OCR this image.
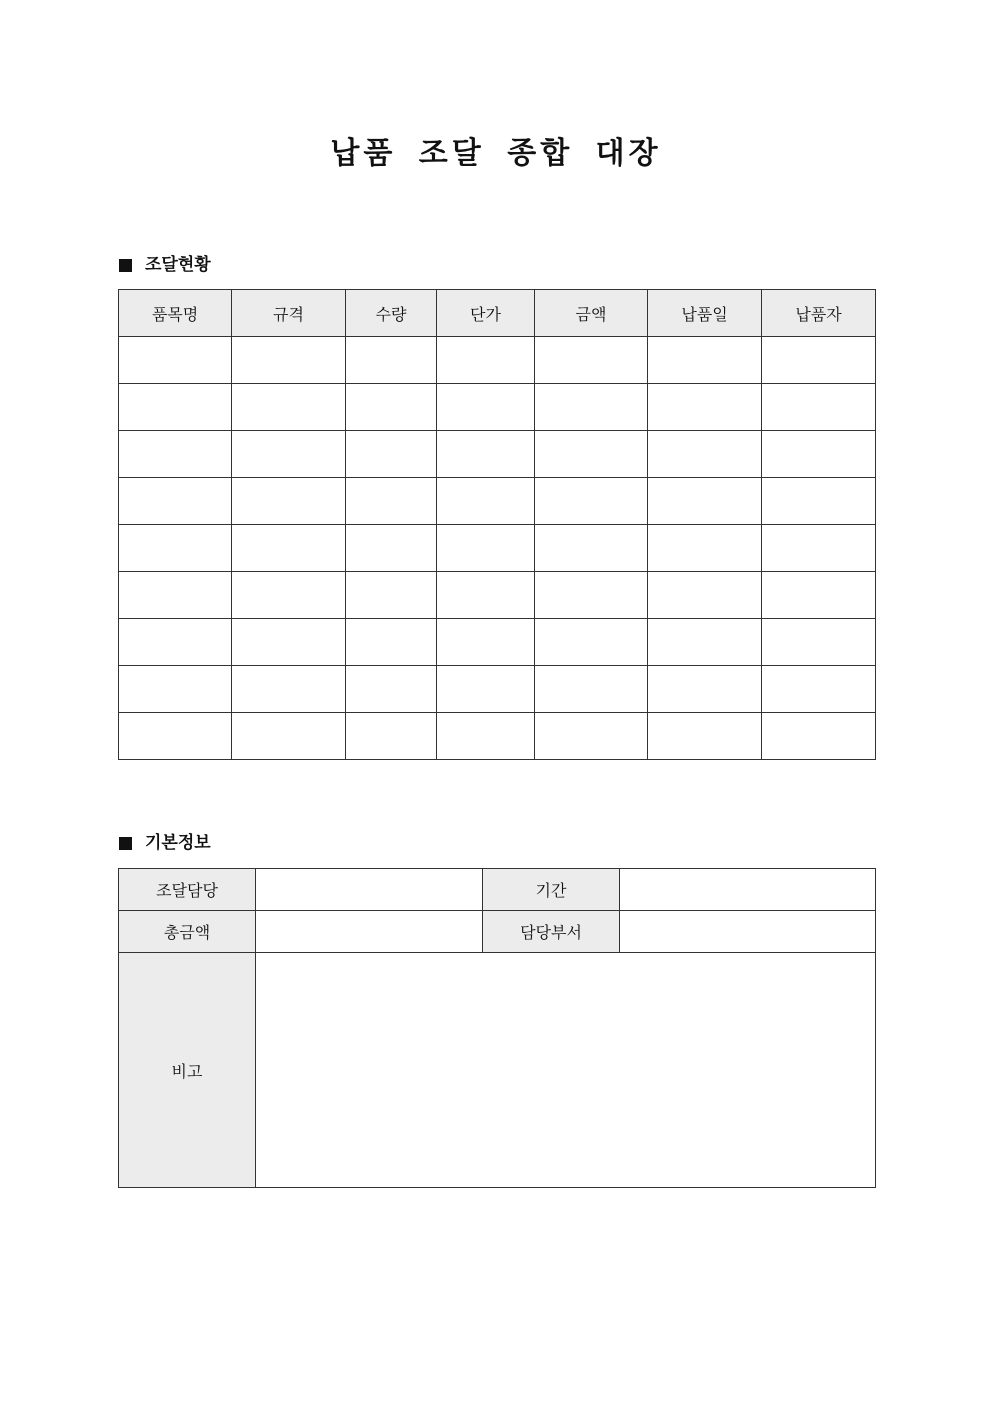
납품 조달 종합 대장
조달현황
품목명	규격	수량	단가	금액	납품일	납품자

기본정보
조달담당		기간	
총금액		담당부서	
비고			
